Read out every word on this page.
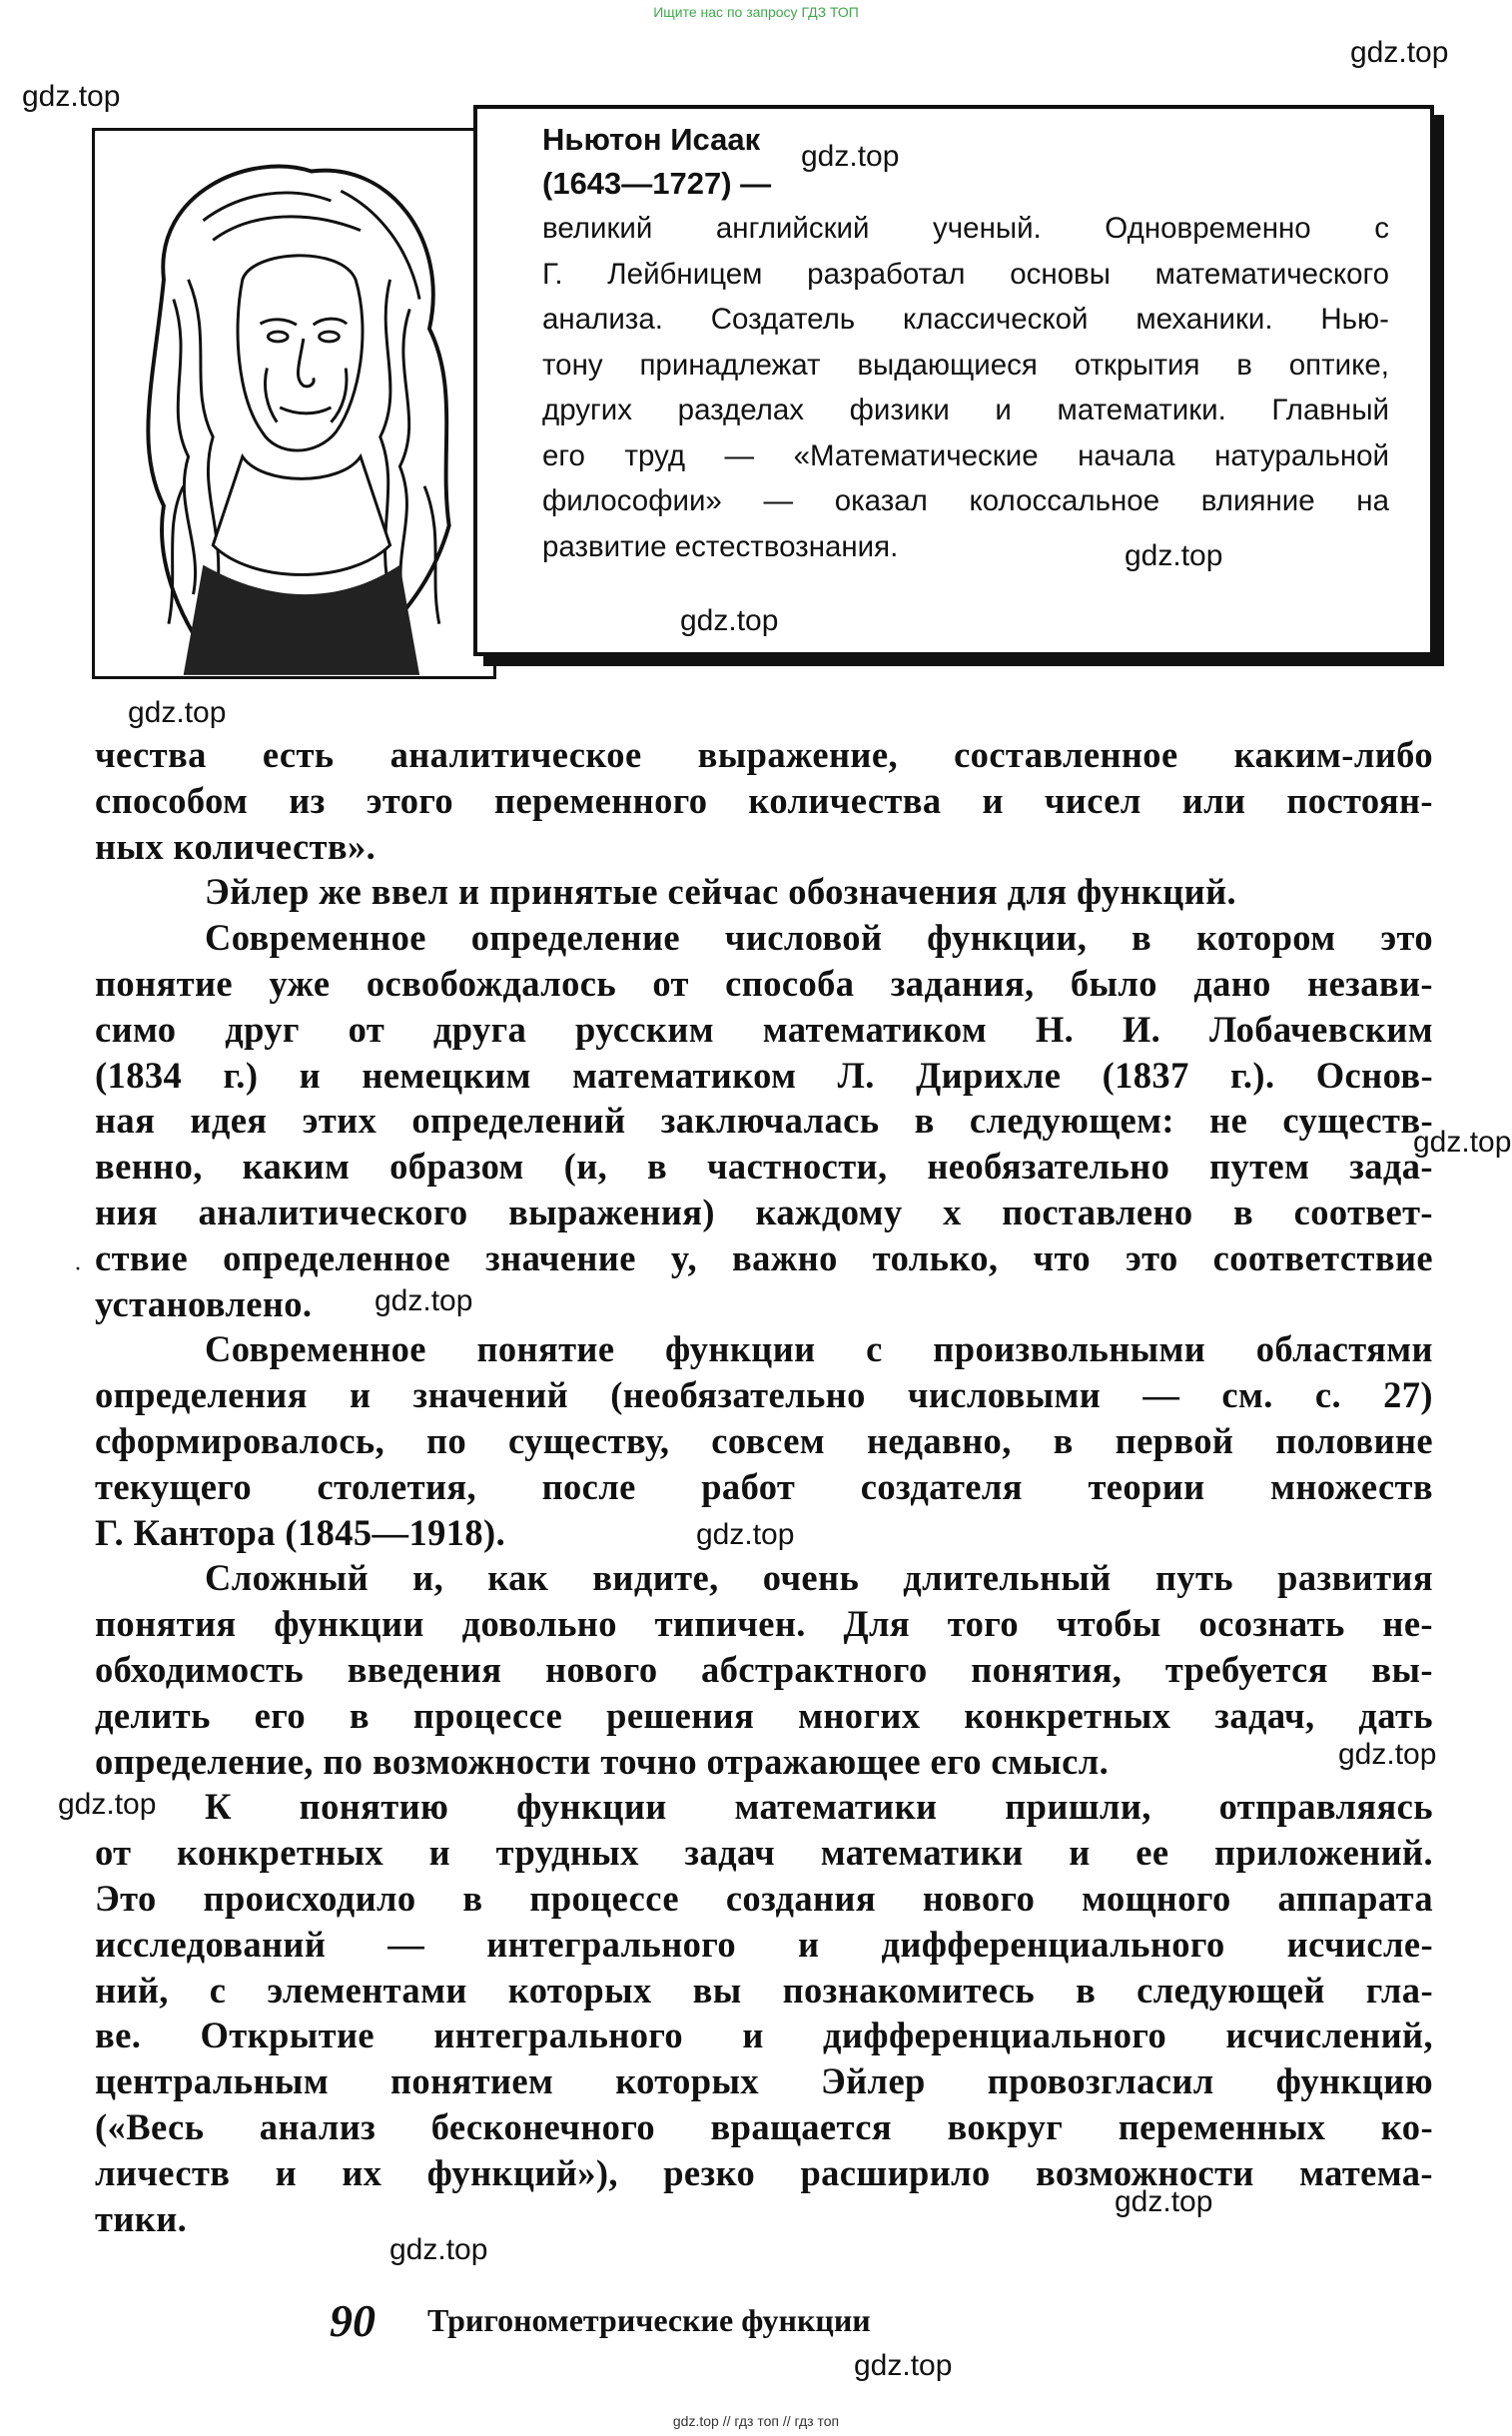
Ищите нас по запросу ГДЗ ТОП
Ньютон Исаак
(1643—1727) —

великий английский ученый. Одновременно с

Г. Лейбницем разработал основы математического

анализа. Создатель классической механики. Нью-

тону принадлежат выдающиеся открытия в оптике,

других разделах физики и математики. Главный

его труд — «Математические начала натуральной

философии» — оказал колоссальное влияние на

развитие естествознания.

чества есть аналитическое выражение, составленное каким-либо
способом из этого переменного количества и чисел или постоян-
ных количеств».
Эйлер же ввел и принятые сейчас обозначения для функций.
Современное определение числовой функции, в котором это
понятие уже освобождалось от способа задания, было дано незави-
симо друг от друга русским математиком Н. И. Лобачевским
(1834 г.) и немецким математиком Л. Дирихле (1837 г.). Основ-
ная идея этих определений заключалась в следующем: не существ-
венно, каким образом (и, в частности, необязательно путем зада-
ния аналитического выражения) каждому x поставлено в соответ-
ствие определенное значение y, важно только, что это соответствие
установлено.
Современное понятие функции с произвольными областями
определения и значений (необязательно числовыми — см. с. 27)
сформировалось, по существу, совсем недавно, в первой половине
текущего столетия, после работ создателя теории множеств
Г. Кантора (1845—1918).
Сложный и, как видите, очень длительный путь развития
понятия функции довольно типичен. Для того чтобы осознать не-
обходимость введения нового абстрактного понятия, требуется вы-
делить его в процессе решения многих конкретных задач, дать
определение, по возможности точно отражающее его смысл.
К понятию функции математики пришли, отправляясь
от конкретных и трудных задач математики и ее приложений.
Это происходило в процессе создания нового мощного аппарата
исследований — интегрального и дифференциального исчисле-
ний, с элементами которых вы познакомитесь в следующей гла-
ве. Открытие интегрального и дифференциального исчислений,
центральным понятием которых Эйлер провозгласил функцию
(«Весь анализ бесконечного вращается вокруг переменных ко-
личеств и их функций»), резко расширило возможности матема-
тики.
·
gdz.top
gdz.top
gdz.top
gdz.top
gdz.top
gdz.top
gdz.top
gdz.top
gdz.top
gdz.top
gdz.top
gdz.top
gdz.top
gdz.top
90 Тригонометрические функции
gdz.top // гдз топ // гдз топ
